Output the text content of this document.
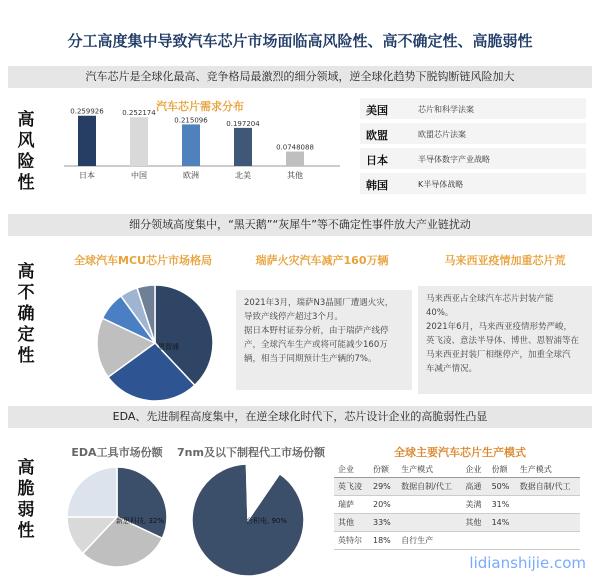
分工高度集中导致汽车芯片市场面临高风险性、高不确定性、高脆弱性
汽车芯片是全球化最高、竞争格局最激烈的细分领域，逆全球化趋势下脱钩断链风险加大
高风险性
汽车芯片需求分布
0.259926
日本
0.252174
中国
0.215096
欧洲
0.197204
北美
0.0748088
其他
美国	芯片和科学法案
欧盟	欧盟芯片法案
日本	半导体数字产业战略
韩国	K半导体战略
细分领域高度集中，“黑天鹅”“灰犀牛”等不确定性事件放大产业链扰动
高不确定性
全球汽车MCU芯片市场格局
恩智浦
瑞萨火灾汽车减产160万辆
2021年3月，瑞萨N3晶圆厂遭遇火灾，
导致产线停产超过3个月。
据日本野村证券分析，由于瑞萨产线停
产，全球汽车生产或将可能减少160万
辆，相当于同期预计生产辆的7%。
马来西亚疫情加重芯片荒
马来西亚占全球汽车芯片封装产能
40%。
2021年6月，马来西亚疫情形势严峻，
英飞凌、意法半导体、博世、恩智浦等在
马来西亚封装厂相继停产，加重全球汽
车减产情况。
EDA、先进制程高度集中，在逆全球化时代下，芯片设计企业的高脆弱性凸显
高脆弱性
EDA工具市场份额
新思科技, 32%
7nm及以下制程代工市场份额
台积电, 90%
全球主要汽车芯片生产模式
企业	份额	生产模式	企业	份额	生产模式
英飞凌	29%	数据自制/代工	高通	50%	数据自制/代工
瑞萨	20%		美满	31%	
其他	33%		其他	14%	
英特尔	18%	自行生产			
lidianshijie.com
